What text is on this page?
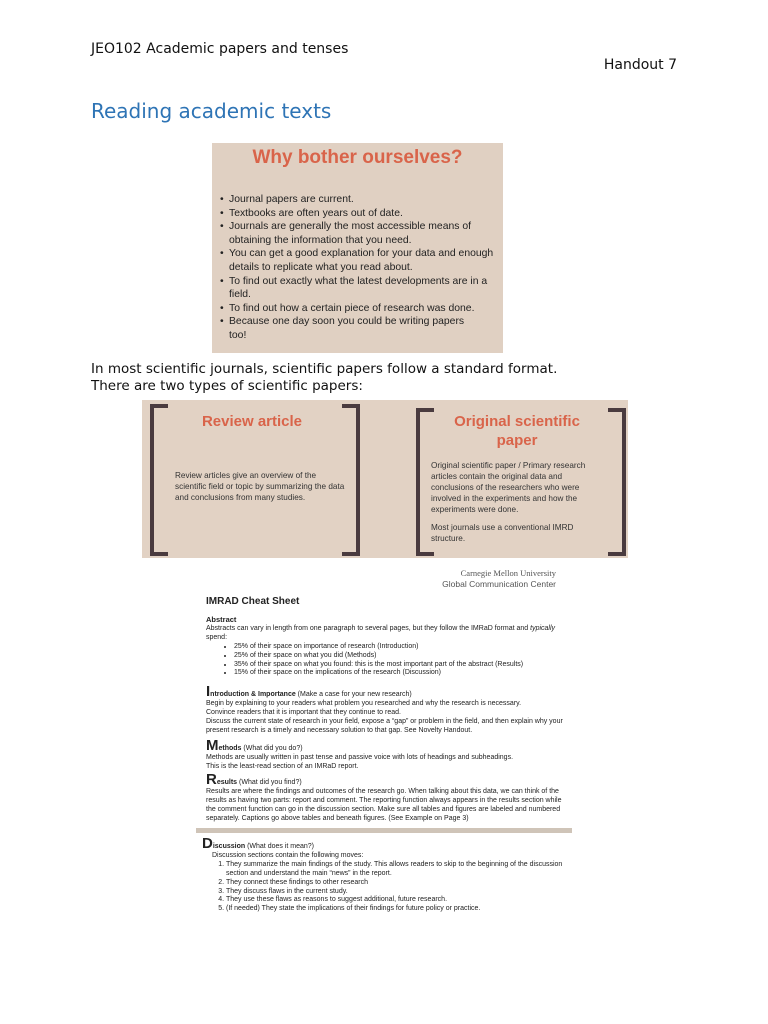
JEO102 Academic papers and tenses
Handout 7
Reading academic texts
Why bother ourselves?
• Journal papers are current.
• Textbooks are often years out of date.
• Journals are generally the most accessible means of obtaining the information that you need.
• You can get a good explanation for your data and enough details to replicate what you read about.
• To find out exactly what the latest developments are in a field.
• To find out how a certain piece of research was done.
• Because one day soon you could be writing papers too!
In most scientific journals, scientific papers follow a standard format.
There are two types of scientific papers:
Review article
Review articles give an overview of the scientific field or topic by summarizing the data and conclusions from many studies.
Original scientific paper
Original scientific paper / Primary research articles contain the original data and conclusions of the researchers who were involved in the experiments and how the experiments were done.
Most journals use a conventional IMRD structure.
Carnegie Mellon University
Global Communication Center
IMRAD Cheat Sheet
Abstract
Abstracts can vary in length from one paragraph to several pages, but they follow the IMRaD format and typically spend:
• 25% of their space on importance of research (Introduction)
• 25% of their space on what you did (Methods)
• 35% of their space on what you found: this is the most important part of the abstract (Results)
• 15% of their space on the implications of the research (Discussion)
Introduction & Importance (Make a case for your new research)
Begin by explaining to your readers what problem you researched and why the research is necessary.
Convince readers that it is important that they continue to read.
Discuss the current state of research in your field, expose a “gap” or problem in the field, and then explain why your present research is a timely and necessary solution to that gap. See Novelty Handout.
Methods (What did you do?)
Methods are usually written in past tense and passive voice with lots of headings and subheadings.
This is the least-read section of an IMRaD report.
Results (What did you find?)
Results are where the findings and outcomes of the research go. When talking about this data, we can think of the results as having two parts: report and comment. The reporting function always appears in the results section while the comment function can go in the discussion section. Make sure all tables and figures are labeled and numbered separately. Captions go above tables and beneath figures. (See Example on Page 3)
Discussion (What does it mean?)
Discussion sections contain the following moves:
1. They summarize the main findings of the study. This allows readers to skip to the beginning of the discussion section and understand the main “news” in the report.
2. They connect these findings to other research
3. They discuss flaws in the current study.
4. They use these flaws as reasons to suggest additional, future research.
5. (If needed) They state the implications of their findings for future policy or practice.
